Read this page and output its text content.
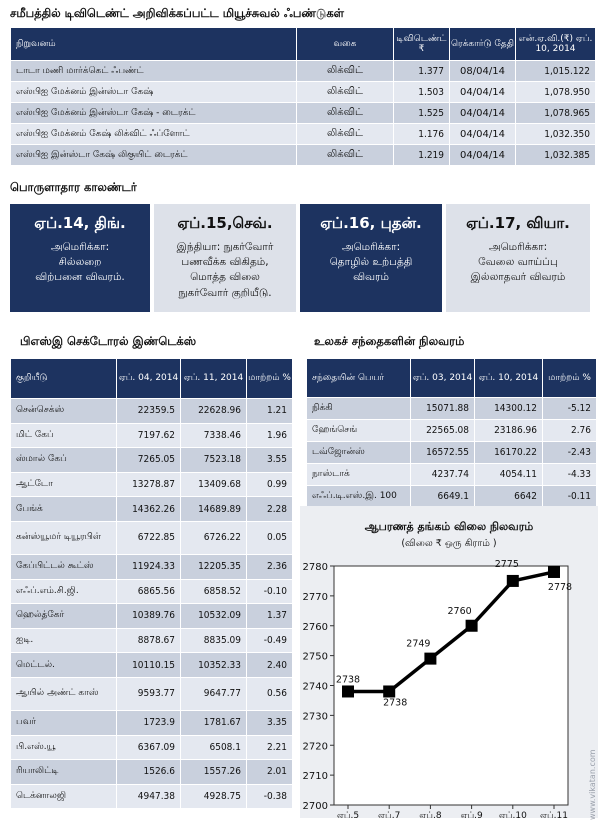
சமீபத்தில் டிவிடெண்ட் அறிவிக்கப்பட்ட மியூச்சுவல் ஃபண்டுகள்
நிறுவனம்	வகை	டிவிடெண்ட் ₹	ரெக்கார்டு தேதி	என்.ஏ.வி.(₹) ஏப். 10, 2014
டாடா மணி மார்க்கெட் ஃபண்ட்	லிக்விட்	1.377	08/04/14	1,015.122
எஸ்பிஐ மேக்னம் இன்ஸ்டா கேஷ்	லிக்விட்	1.503	04/04/14	1,078.950
எஸ்பிஐ மேக்னம் இன்ஸ்டா கேஷ் - டைரக்ட்	லிக்விட்	1.525	04/04/14	1,078.965
எஸ்பிஐ மேக்னம் கேஷ் லிக்விட் ஃப்ளோட்	லிக்விட்	1.176	04/04/14	1,032.350
எஸ்பிஐ இன்ஸ்டா கேஷ் லிகுயிட் டைரக்ட்	லிக்விட்	1.219	04/04/14	1,032.385
பொருளாதார காலண்டர்
ஏப்.14, திங்.
அமெரிக்கா:
சில்லறை
விற்பனை விவரம்.
ஏப்.15,செவ்.
இந்தியா: நுகர்வோர்
பணவீக்க விகிதம்,
மொத்த விலை
நுகர்வோர் குறியீடு.
ஏப்.16, புதன்.
அமெரிக்கா:
தொழில் உற்பத்தி
விவரம்
ஏப்.17, வியா.
அமெரிக்கா:
வேலை வாய்ப்பு
இல்லாதவர் விவரம்
பிஎஸ்இ செக்டோரல் இண்டெக்ஸ்
குறியீடு	ஏப். 04, 2014	ஏப். 11, 2014	மாற்றம் %
சென்செக்ஸ்	22359.5	22628.96	1.21
மிட் கேப்	7197.62	7338.46	1.96
ஸ்மால் கேப்	7265.05	7523.18	3.55
ஆட்டோ	13278.87	13409.68	0.99
பேங்க்	14362.26	14689.89	2.28
கன்ஸ்யூமர் டியூரபிள்	6722.85	6726.22	0.05
கேப்பிட்டல் கூட்ஸ்	11924.33	12205.35	2.36
எஃப்.எம்.சி.ஜி.	6865.56	6858.52	-0.10
ஹெல்த்கேர்	10389.76	10532.09	1.37
ஐடி.	8878.67	8835.09	-0.49
மெட்டல்.	10110.15	10352.33	2.40
ஆயில் அண்ட் காஸ்	9593.77	9647.77	0.56
பவர்	1723.9	1781.67	3.35
பி.எஸ்.யூ	6367.09	6508.1	2.21
ரியாலிட்டி	1526.6	1557.26	2.01
டெக்னாலஜி	4947.38	4928.75	-0.38
உலகச் சந்தைகளின் நிலவரம்
சந்தையின் பெயர்	ஏப். 03, 2014	ஏப். 10, 2014	மாற்றம் %
நிக்கி	15071.88	14300.12	-5.12
ஹேங்செங்	22565.08	23186.96	2.76
டவ்ஜோன்ஸ்	16572.55	16170.22	-2.43
நாஸ்டாக்	4237.74	4054.11	-4.33
எஃப்.டி.எஸ்.இ. 100	6649.1	6642	-0.11
ஆபரணத் தங்கம் விலை நிலவரம்
(விலை ₹ ஒரு கிராம் )
2700
2710
2720
2730
2740
2750
2760
2770
2780
ஏப்.5 ஏப்.7 ஏப்.8 ஏப்.9 ஏப்.10 ஏப்.11
2738
2738
2749
2760
2775
2778
www.vikatan.com
